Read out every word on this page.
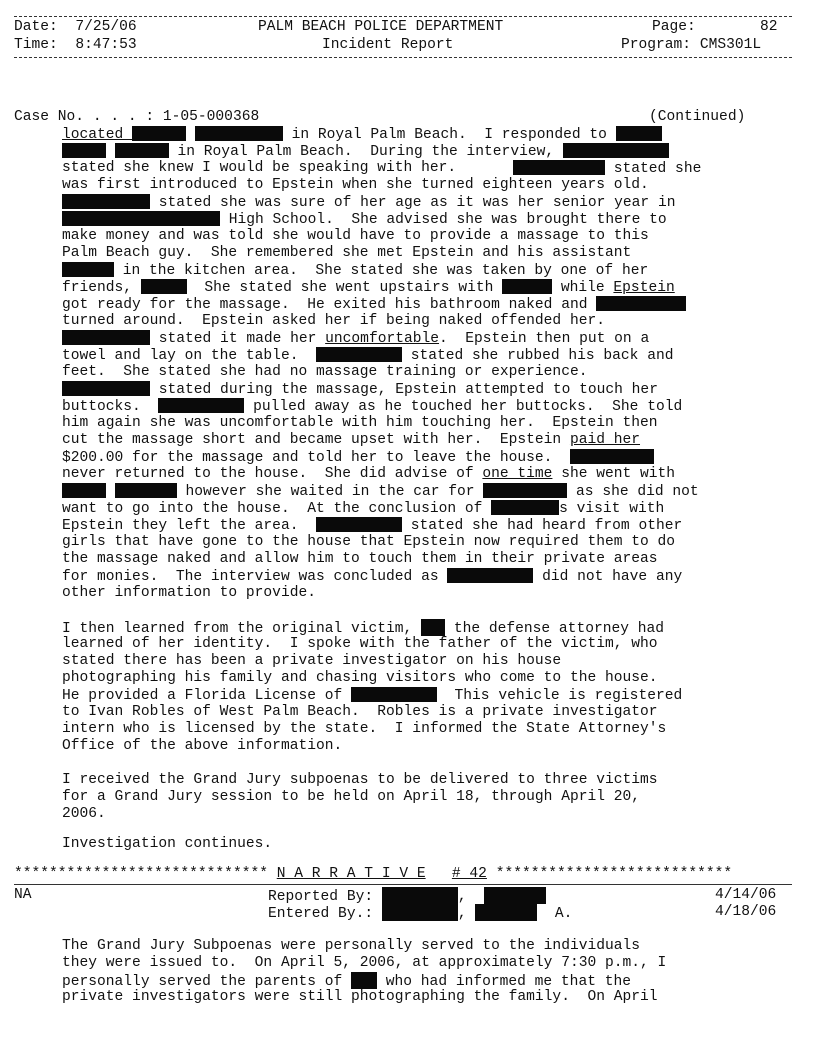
Date: 7/25/06
Time: 8:47:53
PALM BEACH POLICE DEPARTMENT
Incident Report
Page:	82
Program: CMS301L
Case No. . . . : 1-05-000368	(Continued)
located	in Royal Palm Beach.  I responded to
in Royal Palm Beach.  During the interview,
stated she knew I would be speaking with her.	stated she
was first introduced to Epstein when she turned eighteen years old.
stated she was sure of her age as it was her senior year in
High School.  She advised she was brought there to
make money and was told she would have to provide a massage to this
Palm Beach guy.  She remembered she met Epstein and his assistant
in the kitchen area.  She stated she was taken by one of her
friends,	She stated she went upstairs with	while Epstein
got ready for the massage.  He exited his bathroom naked and
turned around.  Epstein asked her if being naked offended her.
stated it made her uncomfortable.  Epstein then put on a
towel and lay on the table.	stated she rubbed his back and
feet.  She stated she had no massage training or experience.
stated during the massage, Epstein attempted to touch her
buttocks.	pulled away as he touched her buttocks.  She told
him again she was uncomfortable with him touching her.  Epstein then
cut the massage short and became upset with her.  Epstein paid her
$200.00 for the massage and told her to leave the house.
never returned to the house.  She did advise of one time she went with
however she waited in the car for	as she did not
want to go into the house.  At the conclusion of	s visit with
Epstein they left the area.	stated she had heard from other
girls that have gone to the house that Epstein now required them to do
the massage naked and allow him to touch them in their private areas
for monies.  The interview was concluded as	did not have any
other information to provide.
I then learned from the original victim,  the defense attorney had
learned of her identity.  I spoke with the father of the victim, who
stated there has been a private investigator on his house
photographing his family and chasing visitors who come to the house.
He provided a Florida License of	This vehicle is registered
to Ivan Robles of West Palm Beach.  Robles is a private investigator
intern who is licensed by the state.  I informed the State Attorney's
Office of the above information.
I received the Grand Jury subpoenas to be delivered to three victims
for a Grand Jury session to be held on April 18, through April 20,
2006.
Investigation continues.
***************************** N A R R A T I V E # 42 ***************************
NA	Reported By:	,
Entered By.:	,	A.
4/14/06
4/18/06
The Grand Jury Subpoenas were personally served to the individuals
they were issued to.  On April 5, 2006, at approximately 7:30 p.m., I
personally served the parents of  who had informed me that the
private investigators were still photographing the family.  On April
